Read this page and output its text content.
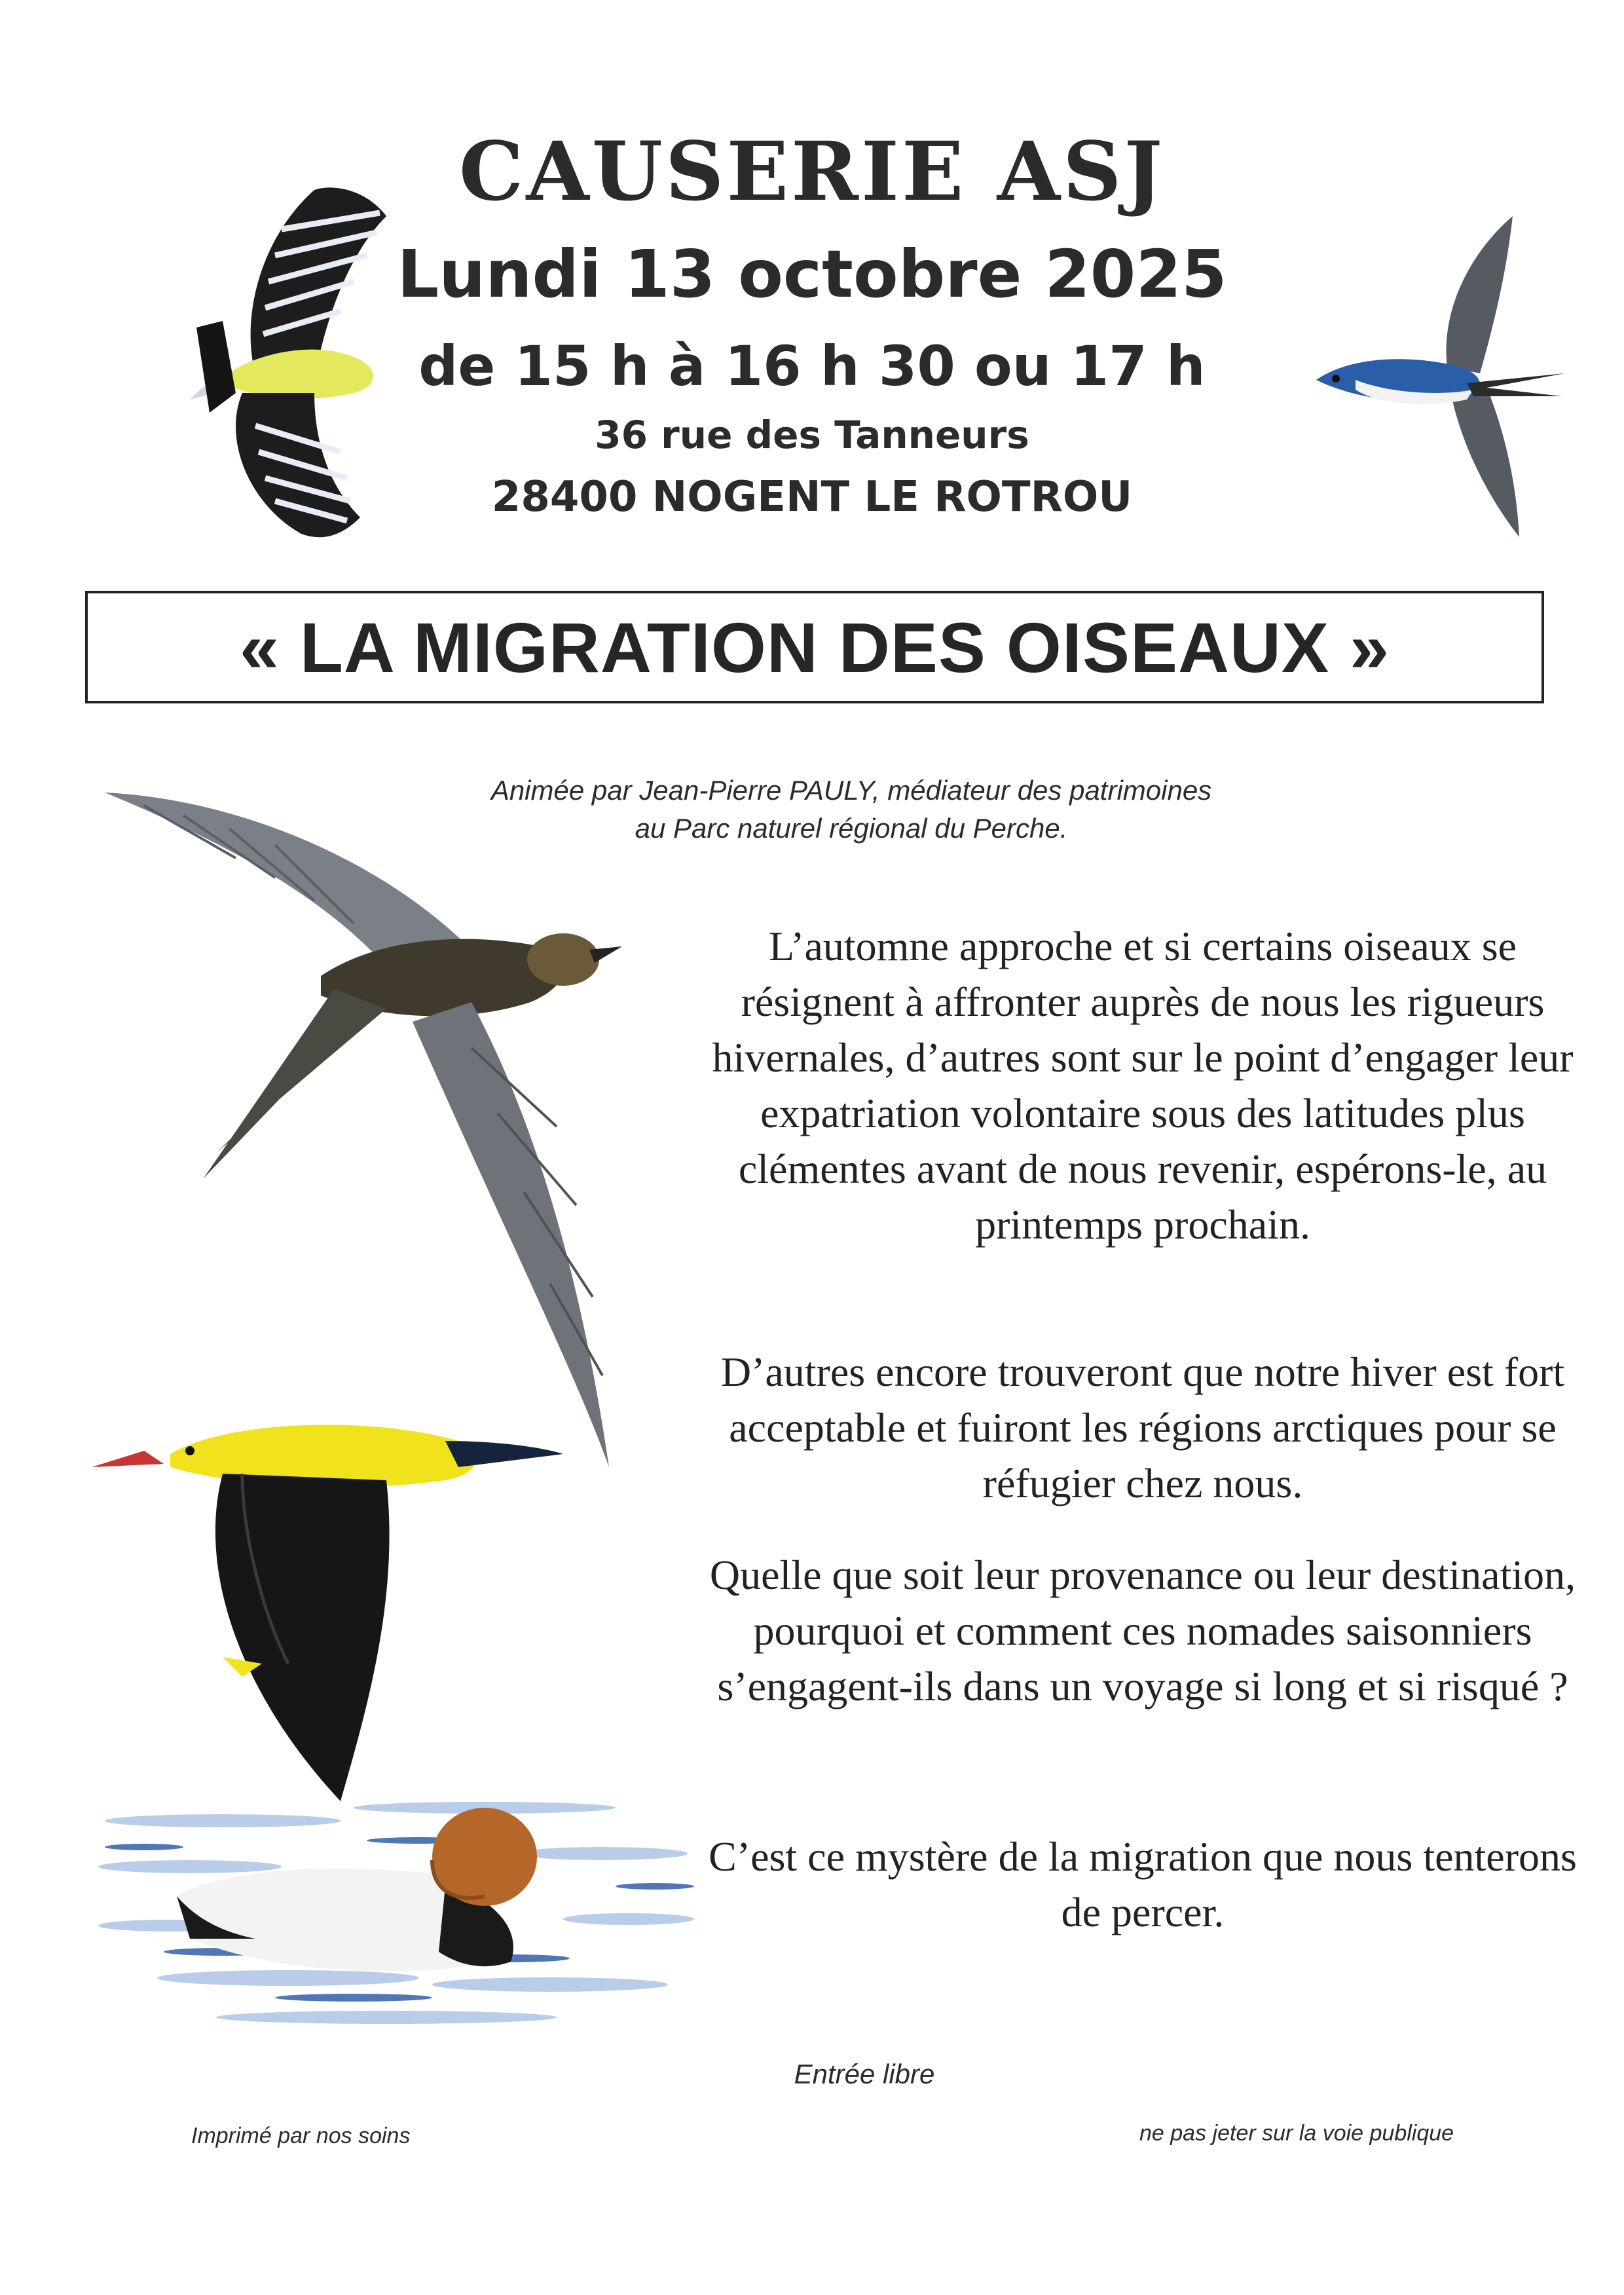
CAUSERIE ASJ
Lundi 13 octobre 2025
de 15 h à 16 h 30 ou 17 h
36 rue des Tanneurs
28400 NOGENT LE ROTROU
« LA MIGRATION DES OISEAUX »
Animée par Jean-Pierre PAULY, médiateur des patrimoines
au Parc naturel régional du Perche.
L’automne approche et si certains oiseaux se résignent à affronter auprès de nous les rigueurs hivernales, d’autres sont sur le point d’engager leur expatriation volontaire sous des latitudes plus clémentes avant de nous revenir, espérons-le, au printemps prochain.
D’autres encore trouveront que notre hiver est fort acceptable et fuiront les régions arctiques pour se réfugier chez nous.
Quelle que soit leur provenance ou leur destination, pourquoi et comment ces nomades saisonniers s’engagent-ils dans un voyage si long et si risqué ?
C’est ce mystère de la migration que nous tenterons de percer.
Entrée libre
Imprimé par nos soins	ne pas jeter sur la voie publique
